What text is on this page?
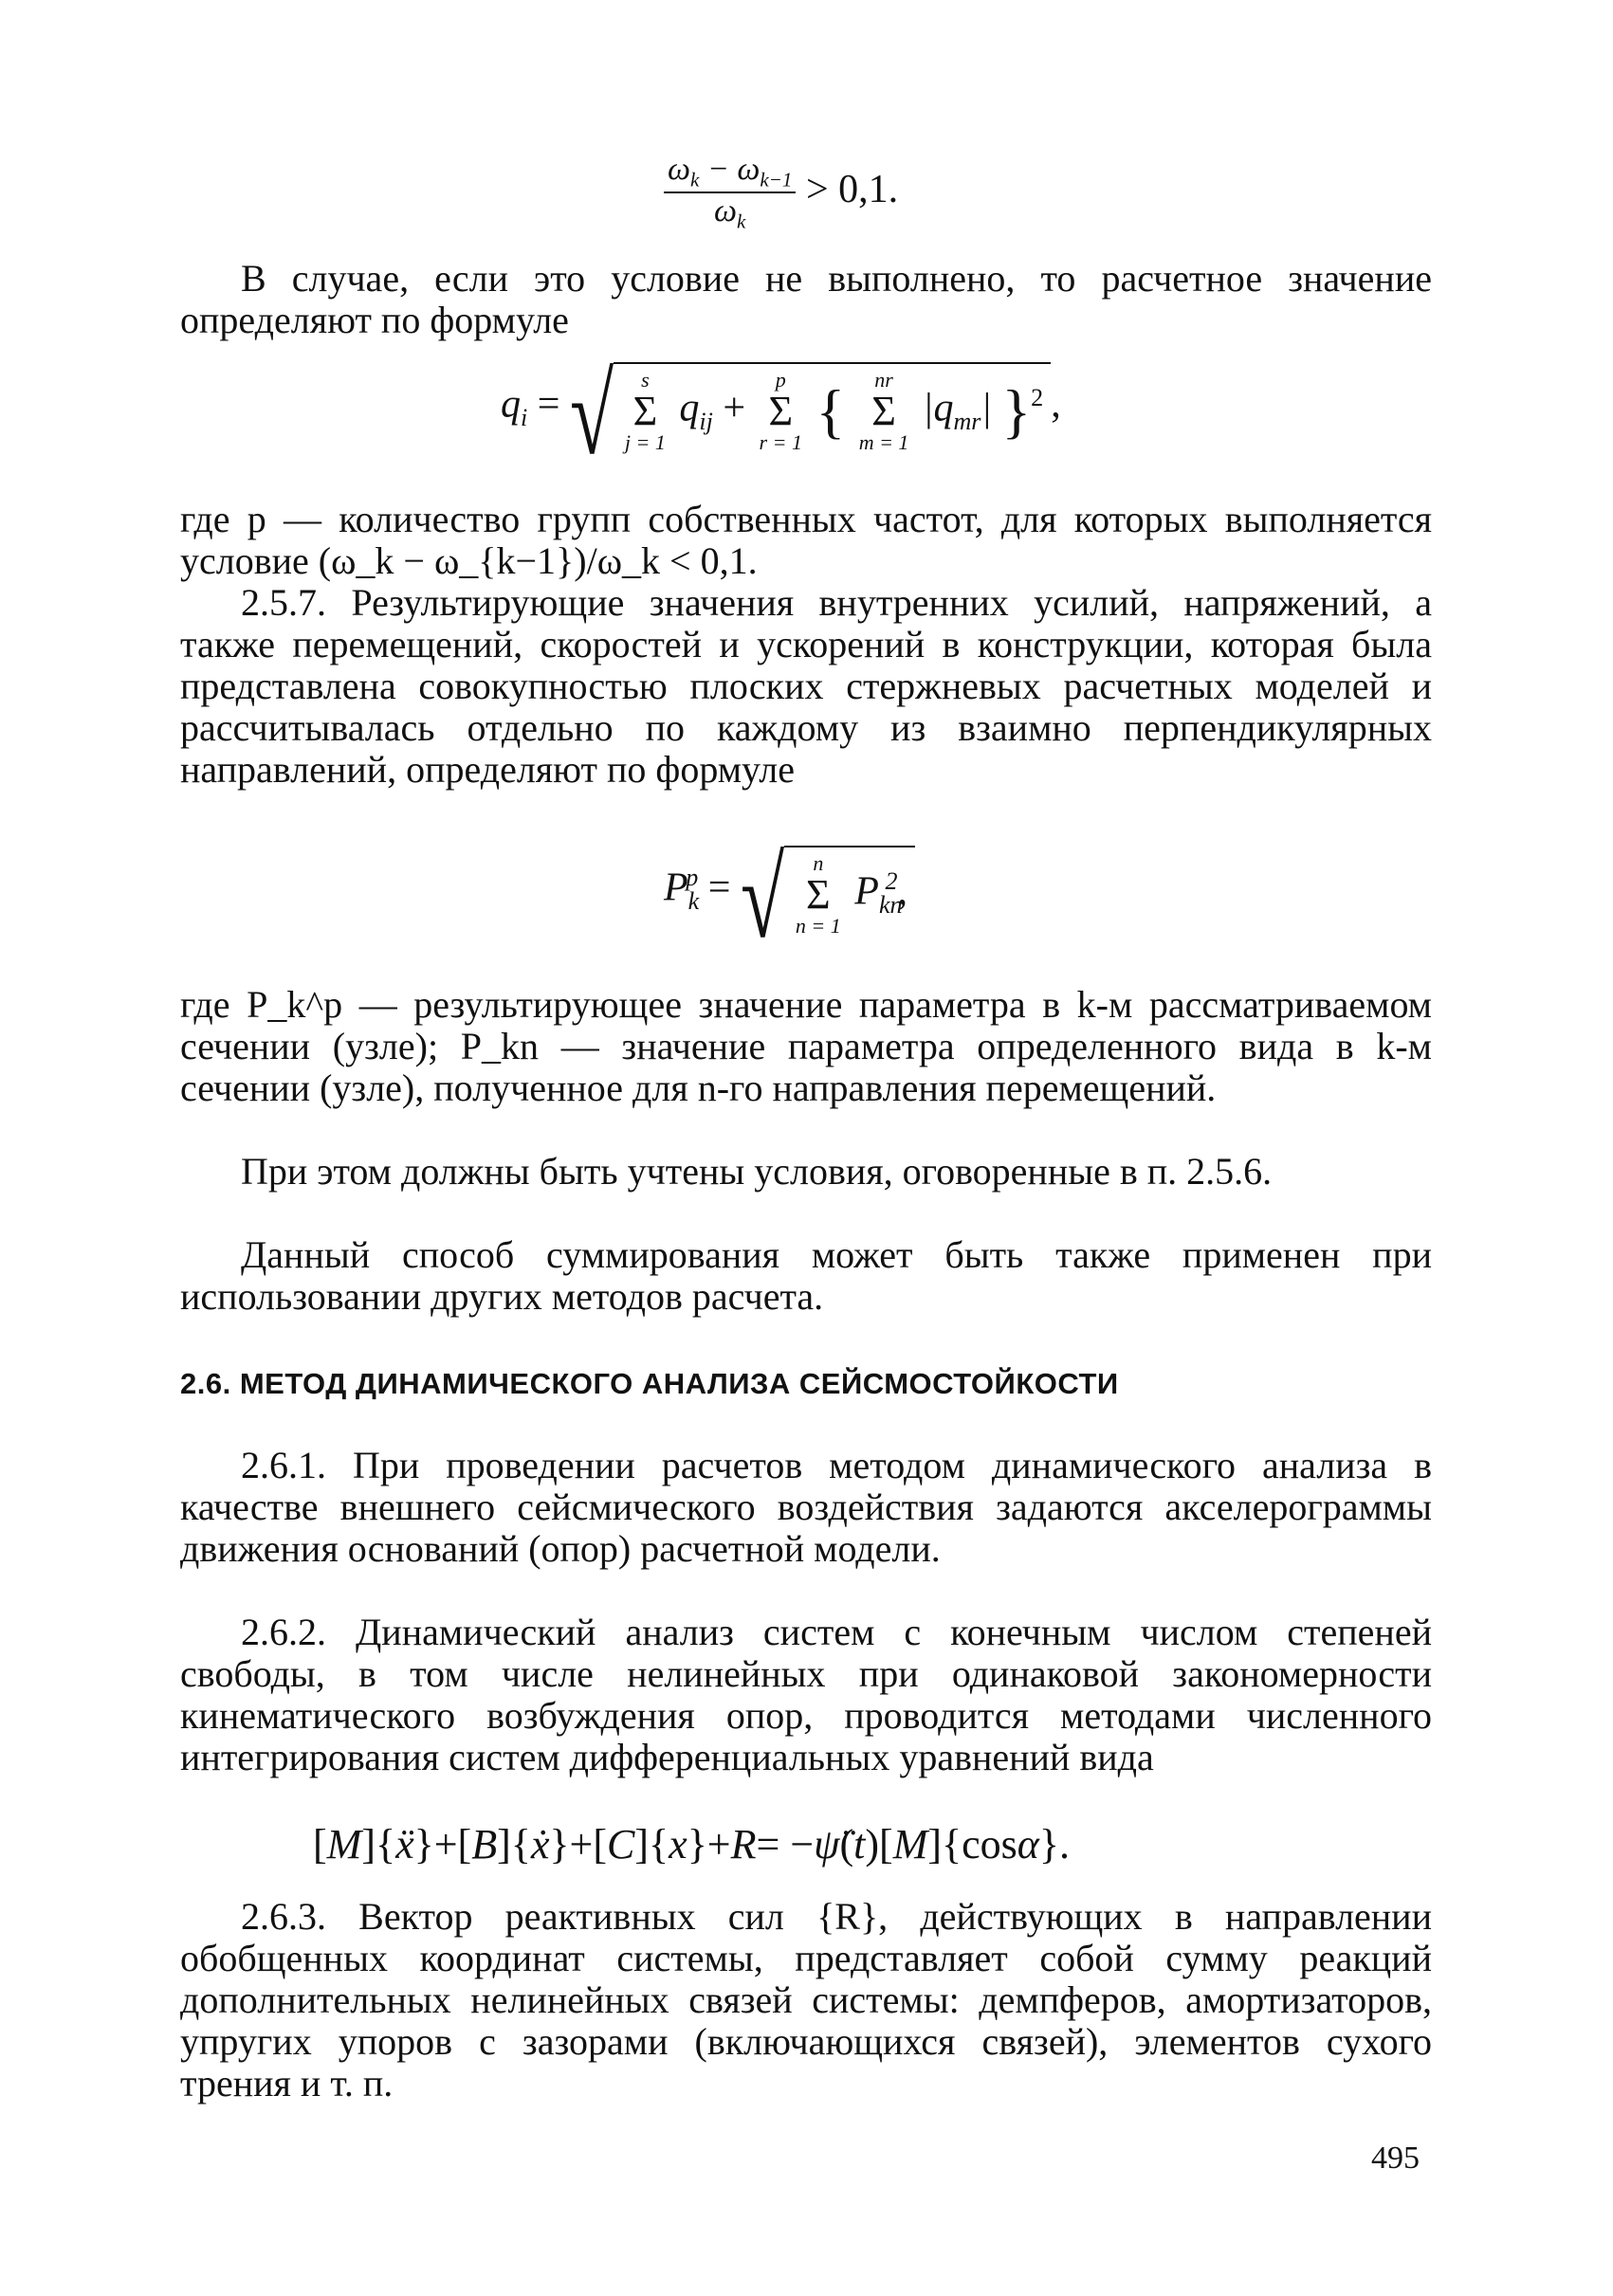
$\frac{\omega_k - \omega_{k-1}}{\omega_k} > 0,1$.

В случае, если это условие не выполнено, то расчетное значение определяют по формуле

$q_i$ = √	s
Σ
j = 1
$q_{ij}$ +
p
Σ
r = 1 {	nr
Σ
m = 1
$|q_{mr}|$ }$^2$ ,

где p — количество групп собственных частот, для которых выполняется условие (ω_k − ω_{k−1})/ω_k < 0,1.

2.5.7. Результирующие значения внутренних усилий, напряжений, а также перемещений, скоростей и ускорений в конструкции, которая была представлена совокупностью плоских стержневых расчетных моделей и рассчитывалась отдельно по каждому из взаимно перпендикулярных направлений, определяют по формуле

$P_k^p$ = √	n
Σ
n = 1
$P_{kn}^2$,

где P_k^p — результирующее значение параметра в k-м рассматриваемом сечении (узле); P_kn — значение параметра определенного вида в k-м сечении (узле), полученное для n-го направления перемещений.

При этом должны быть учтены условия, оговоренные в п. 2.5.6.

Данный способ суммирования может быть также применен при использовании других методов расчета.

2.6. МЕТОД ДИНАМИЧЕСКОГО АНАЛИЗА СЕЙСМОСТОЙКОСТИ

2.6.1. При проведении расчетов методом динамического анализа в качестве внешнего сейсмического воздействия задаются акселерограммы движения оснований (опор) расчетной модели.

2.6.2. Динамический анализ систем с конечным числом степеней свободы, в том числе нелинейных при одинаковой закономерности кинематического возбуждения опор, проводится методами численного интегрирования систем дифференциальных уравнений вида

[M]{ẍ}+[B]{ẋ}+[C]{x}+R= −ψ̈(t)[M]{cosα}.

2.6.3. Вектор реактивных сил {R}, действующих в направлении обобщенных координат системы, представляет собой сумму реакций дополнительных нелинейных связей системы: демпферов, амортизаторов, упругих упоров с зазорами (включающихся связей), элементов сухого трения и т. п.

495
